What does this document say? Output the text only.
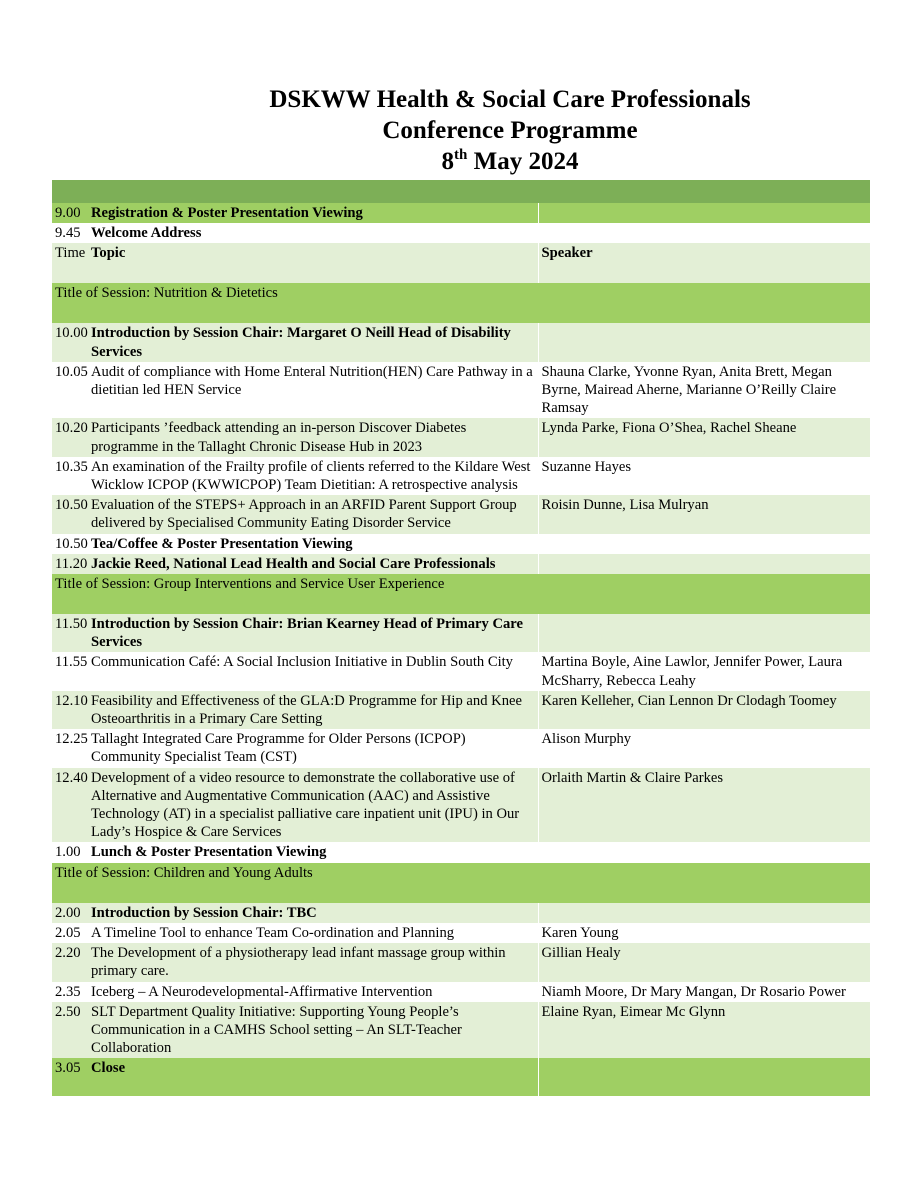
DSKWW Health & Social Care Professionals
Conference Programme
8th May 2024

9.00	Registration & Poster Presentation Viewing	
9.45	Welcome Address	
Time	Topic	Speaker
Title of Session: Nutrition & Dietetics		
10.00	Introduction by Session Chair: Margaret O Neill Head of Disability Services	
10.05	Audit of compliance with Home Enteral Nutrition(HEN) Care Pathway in a dietitian led HEN Service	Shauna Clarke, Yvonne Ryan, Anita Brett, Megan Byrne, Mairead Aherne, Marianne O’Reilly Claire Ramsay
10.20	Participants ’feedback attending an in-person Discover Diabetes programme in the Tallaght Chronic Disease Hub in 2023	Lynda Parke, Fiona O’Shea, Rachel Sheane
10.35	An examination of the Frailty profile of clients referred to the Kildare West Wicklow ICPOP (KWWICPOP) Team Dietitian: A retrospective analysis	Suzanne Hayes
10.50	Evaluation of the STEPS+ Approach in an ARFID Parent Support Group delivered by Specialised Community Eating Disorder Service	Roisin Dunne, Lisa Mulryan
10.50	Tea/Coffee & Poster Presentation Viewing	
11.20	Jackie Reed, National Lead Health and Social Care Professionals	
Title of Session: Group Interventions and Service User Experience		
11.50	Introduction by Session Chair: Brian Kearney Head of Primary Care Services	
11.55	Communication Café: A Social Inclusion Initiative in Dublin South City	Martina Boyle, Aine Lawlor, Jennifer Power, Laura McSharry, Rebecca Leahy
12.10	Feasibility and Effectiveness of the GLA:D Programme for Hip and Knee Osteoarthritis in a Primary Care Setting	Karen Kelleher, Cian Lennon Dr Clodagh Toomey
12.25	Tallaght Integrated Care Programme for Older Persons (ICPOP) Community Specialist Team (CST)	Alison Murphy
12.40	Development of a video resource to demonstrate the collaborative use of Alternative and Augmentative Communication (AAC) and Assistive Technology (AT) in a specialist palliative care inpatient unit (IPU) in Our Lady’s Hospice & Care Services	Orlaith Martin & Claire Parkes
1.00	Lunch & Poster Presentation Viewing	
Title of Session: Children and Young Adults		
2.00	Introduction by Session Chair: TBC	
2.05	A Timeline Tool to enhance Team Co-ordination and Planning	Karen Young
2.20	The Development of a physiotherapy lead infant massage group within primary care.	Gillian Healy
2.35	Iceberg – A Neurodevelopmental-Affirmative Intervention	Niamh Moore, Dr Mary Mangan, Dr Rosario Power
2.50	SLT Department Quality Initiative: Supporting Young People’s Communication in a CAMHS School setting – An SLT-Teacher Collaboration	Elaine Ryan, Eimear Mc Glynn
3.05	Close	
